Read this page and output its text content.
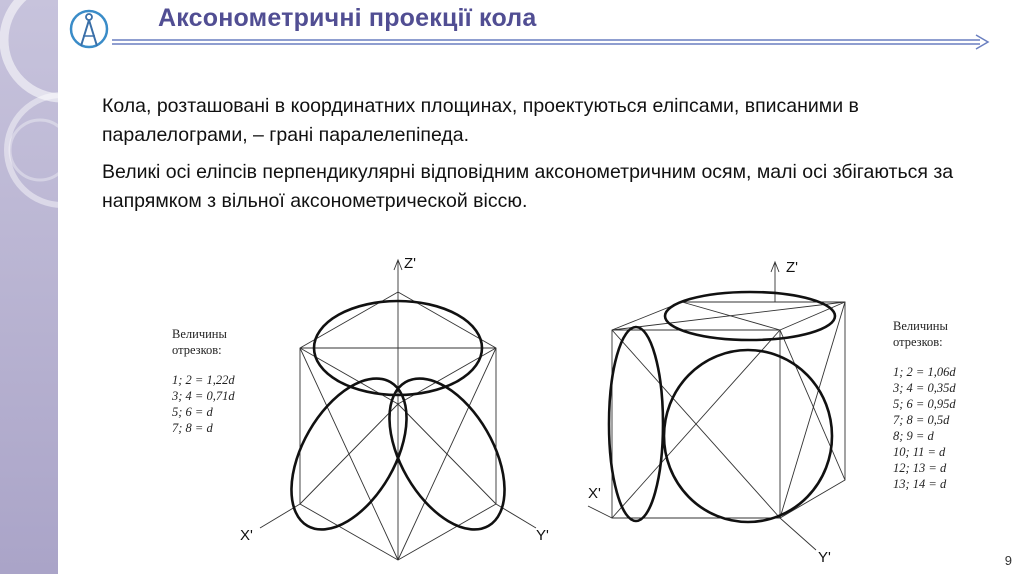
Аксонометричні проекції кола

Кола, розташовані в координатних площинах, проектуються еліпсами, вписаними в паралелограми, – грані паралелепіпеда.

Великі осі еліпсів перпендикулярні відповідним аксонометричним осям, малі осі збігаються за напрямком з вільної аксонометрической віссю.

Величины
отрезков:
1; 2 = 1,22d
3; 4 = 0,71d
5; 6 = d
7; 8 = d
Z'
X'	Y'
Z'
X'
Y'
Величины
отрезков:
1; 2 = 1,06d
3; 4 = 0,35d
5; 6 = 0,95d
7; 8 = 0,5d
8; 9 = d
10; 11 = d
12; 13 = d
13; 14 = d
9
